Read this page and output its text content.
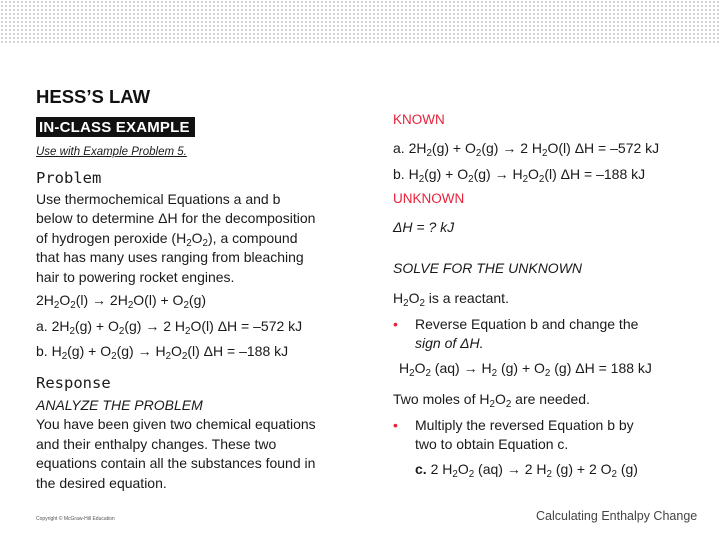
HESS’S LAW
IN-CLASS EXAMPLE
Use with Example Problem 5.
Problem
Use thermochemical Equations a and b
below to determine ΔH for the decomposition
of hydrogen peroxide $(H_2O_2)$, a compound
that has many uses ranging from bleaching
hair to powering rocket engines.
$2H_2O_2(l) \to 2H_2O(l) + O_2(g)$
a. $2H_2(g) + O_2(g) \to 2$ $H_2O(l) \Delta H = -572$ kJ
b. $H_2(g) + O_2(g) \to H_2O_2(l) \Delta H = -188$ kJ
Response
ANALYZE THE PROBLEM
You have been given two chemical equations
and their enthalpy changes. These two
equations contain all the substances found in
the desired equation.
KNOWN
a. $2H_2(g) + O_2(g) \to 2$ $H_2O(l) \Delta H = -572$ kJ
b. $H_2(g) + O_2(g) \to H_2O_2(l) \Delta H = -188$ kJ
UNKNOWN
ΔH = ? kJ
SOLVE FOR THE UNKNOWN
$H_2O_2$ is a reactant.
•	Reverse Equation b and change the
sign of ΔH.
$H_2O_2$ $(aq) \to H_2$ $(g) + O_2$ (g) ΔH = 188 kJ
Two moles of $H_2O_2$ are needed.
•	Multiply the reversed Equation b by
two to obtain Equation c.
c. 2 $H_2O_2$ (aq) → 2 $H_2$ (g) + 2 $O_2$ (g)
Copyright © McGraw-Hill Education	Calculating Enthalpy Change
